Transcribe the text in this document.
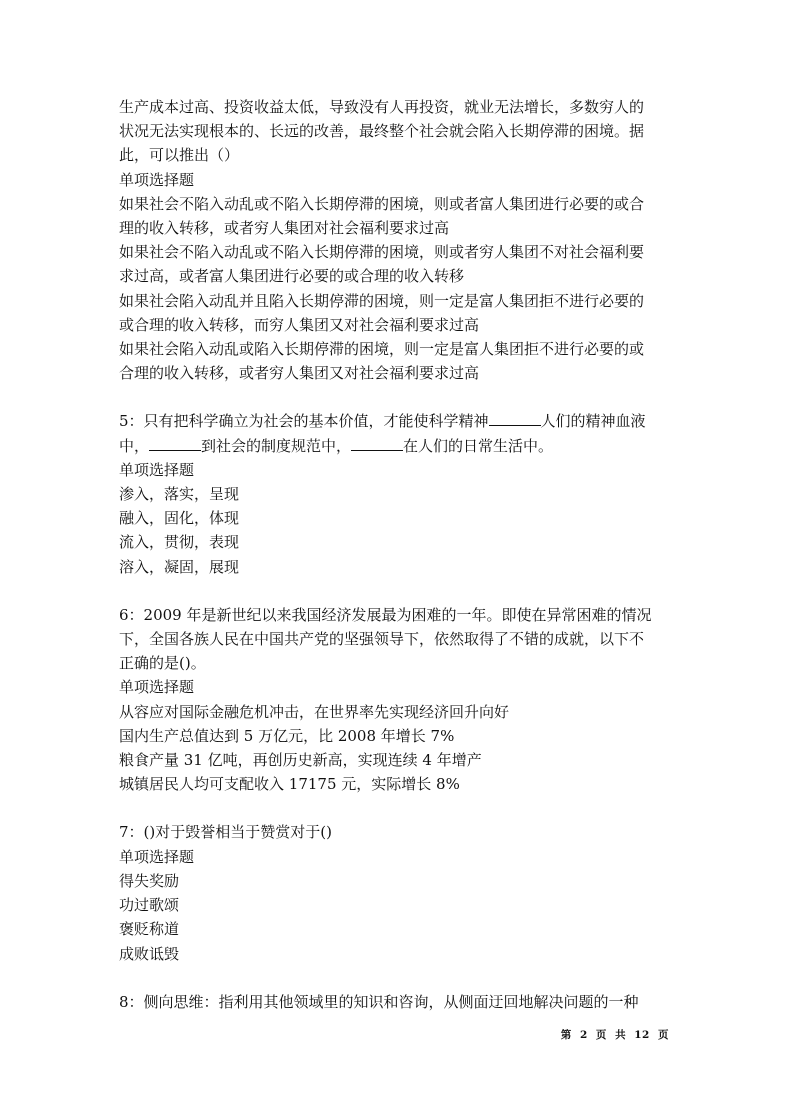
生产成本过高、投资收益太低，导致没有人再投资，就业无法增长，多数穷人的

状况无法实现根本的、长远的改善，最终整个社会就会陷入长期停滞的困境。据

此，可以推出（）

单项选择题

如果社会不陷入动乱或不陷入长期停滞的困境，则或者富人集团进行必要的或合

理的收入转移，或者穷人集团对社会福利要求过高

如果社会不陷入动乱或不陷入长期停滞的困境，则或者穷人集团不对社会福利要

求过高，或者富人集团进行必要的或合理的收入转移

如果社会陷入动乱并且陷入长期停滞的困境，则一定是富人集团拒不进行必要的

或合理的收入转移，而穷人集团又对社会福利要求过高

如果社会陷入动乱或陷入长期停滞的困境，则一定是富人集团拒不进行必要的或

合理的收入转移，或者穷人集团又对社会福利要求过高

5：只有把科学确立为社会的基本价值，才能使科学精神	人们的精神血液

中，	到社会的制度规范中，	在人们的日常生活中。

单项选择题

渗入，落实，呈现

融入，固化，体现

流入，贯彻，表现

溶入，凝固，展现

6：2009 年是新世纪以来我国经济发展最为困难的一年。即使在异常困难的情况

下，全国各族人民在中国共产党的坚强领导下，依然取得了不错的成就，以下不

正确的是()。

单项选择题

从容应对国际金融危机冲击，在世界率先实现经济回升向好

国内生产总值达到 5 万亿元，比 2008 年增长 7%

粮食产量 31 亿吨，再创历史新高，实现连续 4 年增产

城镇居民人均可支配收入 17175 元，实际增长 8%

7：()对于毁誉相当于赞赏对于()

单项选择题

得失奖励

功过歌颂

褒贬称道

成败诋毁

8：侧向思维：指利用其他领域里的知识和咨询，从侧面迂回地解决问题的一种

第 2 页 共 12 页
